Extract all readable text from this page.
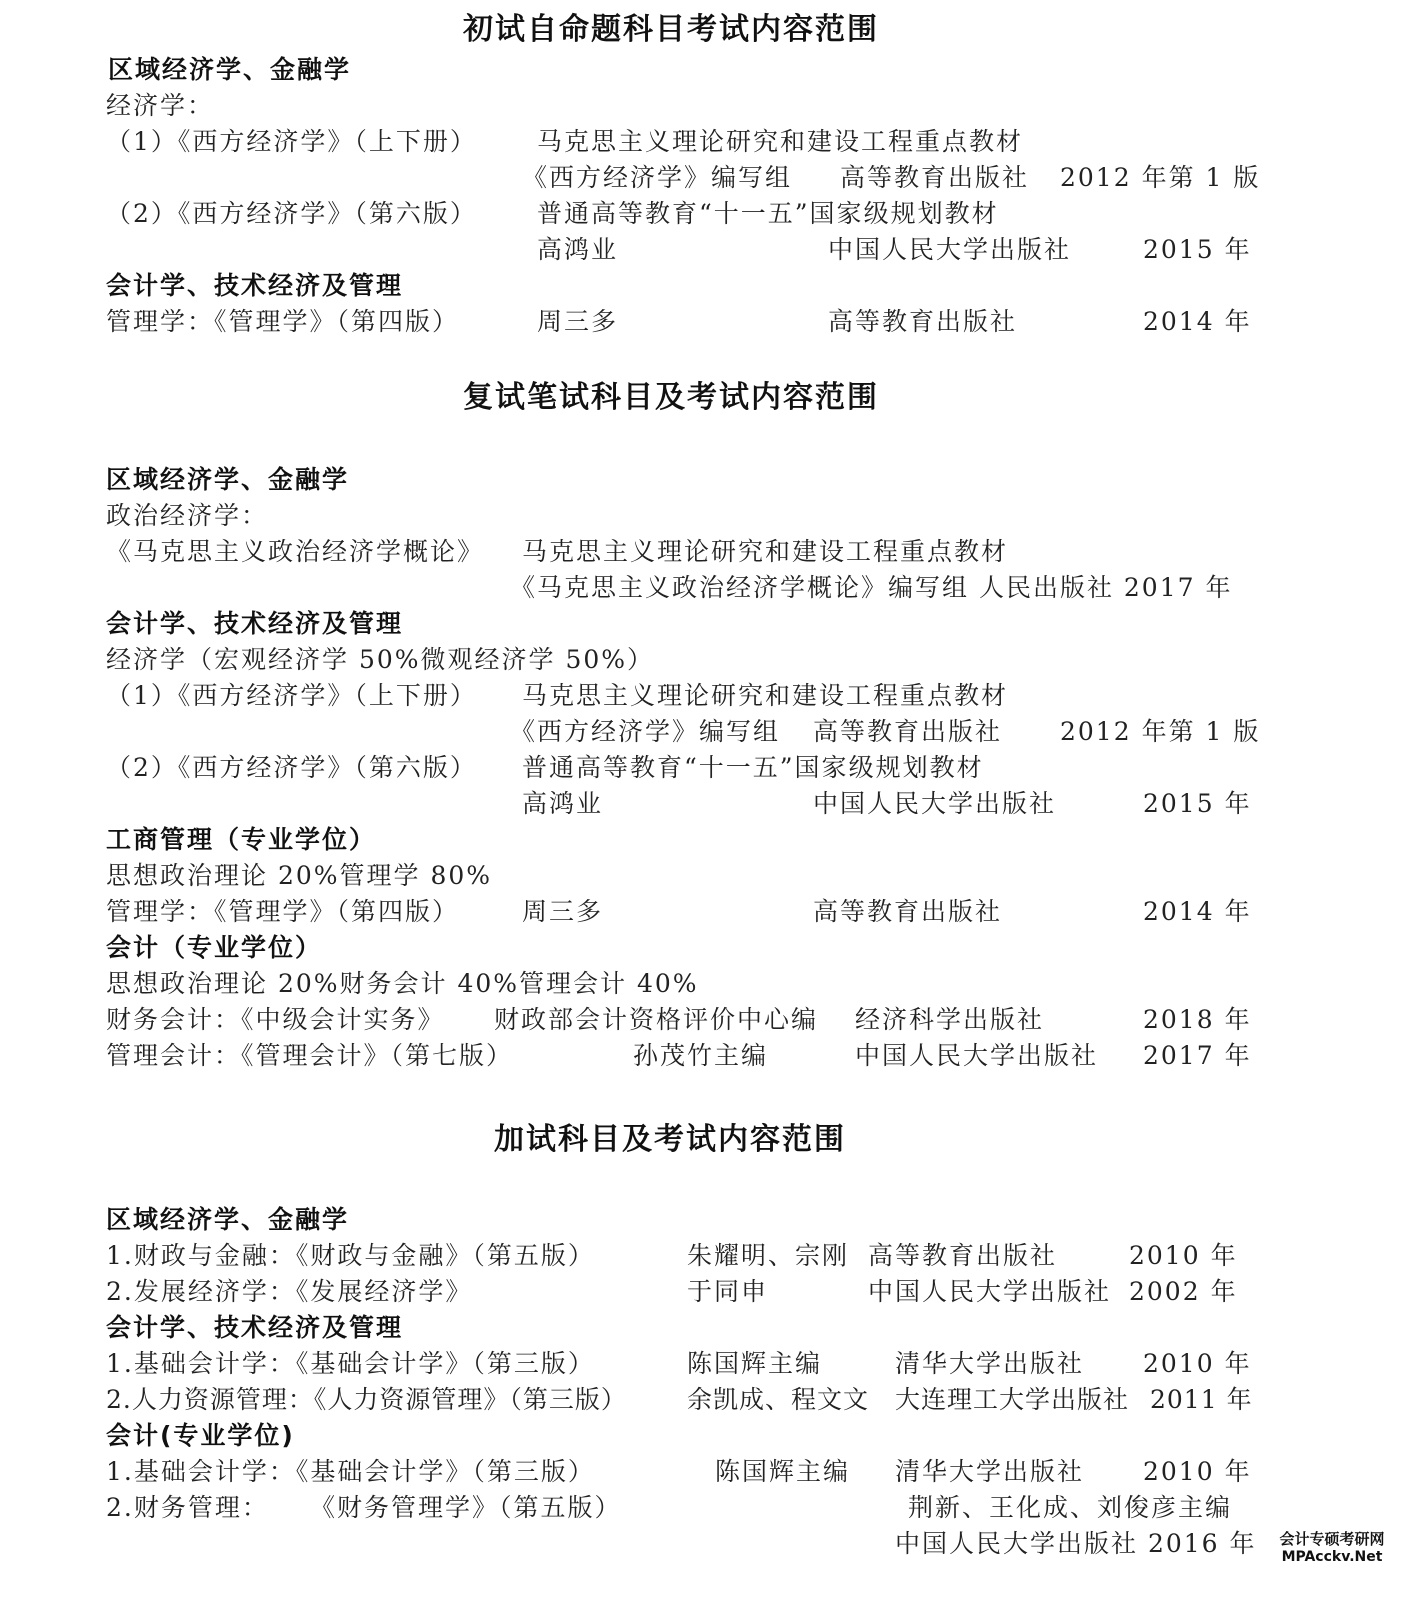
初试自命题科目考试内容范围
区域经济学、金融学
经济学：
（1）《西方经济学》（上下册） 马克思主义理论研究和建设工程重点教材
《西方经济学》编写组 高等教育出版社 2012 年第 1 版
（2）《西方经济学》（第六版） 普通高等教育“十一五”国家级规划教材
高鸿业	中国人民大学出版社	2015 年
会计学、技术经济及管理
管理学：《管理学》（第四版）	周三多	高等教育出版社	2014 年
复试笔试科目及考试内容范围
区域经济学、金融学
政治经济学：
《马克思主义政治经济学概论》 马克思主义理论研究和建设工程重点教材
《马克思主义政治经济学概论》编写组 人民出版社 2017 年
会计学、技术经济及管理
经济学（宏观经济学 50%微观经济学 50%）
（1）《西方经济学》（上下册） 马克思主义理论研究和建设工程重点教材
《西方经济学》编写组 高等教育出版社 2012 年第 1 版
（2）《西方经济学》（第六版） 普通高等教育“十一五”国家级规划教材
高鸿业	中国人民大学出版社	2015 年
工商管理（专业学位）
思想政治理论 20%管理学 80%
管理学：《管理学》（第四版）	周三多	高等教育出版社	2014 年
会计（专业学位）
思想政治理论 20%财务会计 40%管理会计 40%
财务会计：《中级会计实务》 财政部会计资格评价中心编 经济科学出版社	2018 年
管理会计：《管理会计》（第七版）	孙茂竹主编	中国人民大学出版社 2017 年
加试科目及考试内容范围
区域经济学、金融学
1.财政与金融：《财政与金融》（第五版）	朱耀明、宗刚 高等教育出版社	2010 年
2.发展经济学：《发展经济学》	于同申	中国人民大学出版社 2002 年
会计学、技术经济及管理
1.基础会计学：《基础会计学》（第三版）	陈国辉主编	清华大学出版社 2010 年
2.人力资源管理：《人力资源管理》（第三版） 余凯成、程文文 大连理工大学出版社 2011 年
会计(专业学位)
1.基础会计学：《基础会计学》（第三版）	陈国辉主编 清华大学出版社 2010 年
2.财务管理： 《财务管理学》（第五版）	荆新、王化成、刘俊彦主编
中国人民大学出版社 2016 年	会计专硕考研网
MPAcckv.Net
